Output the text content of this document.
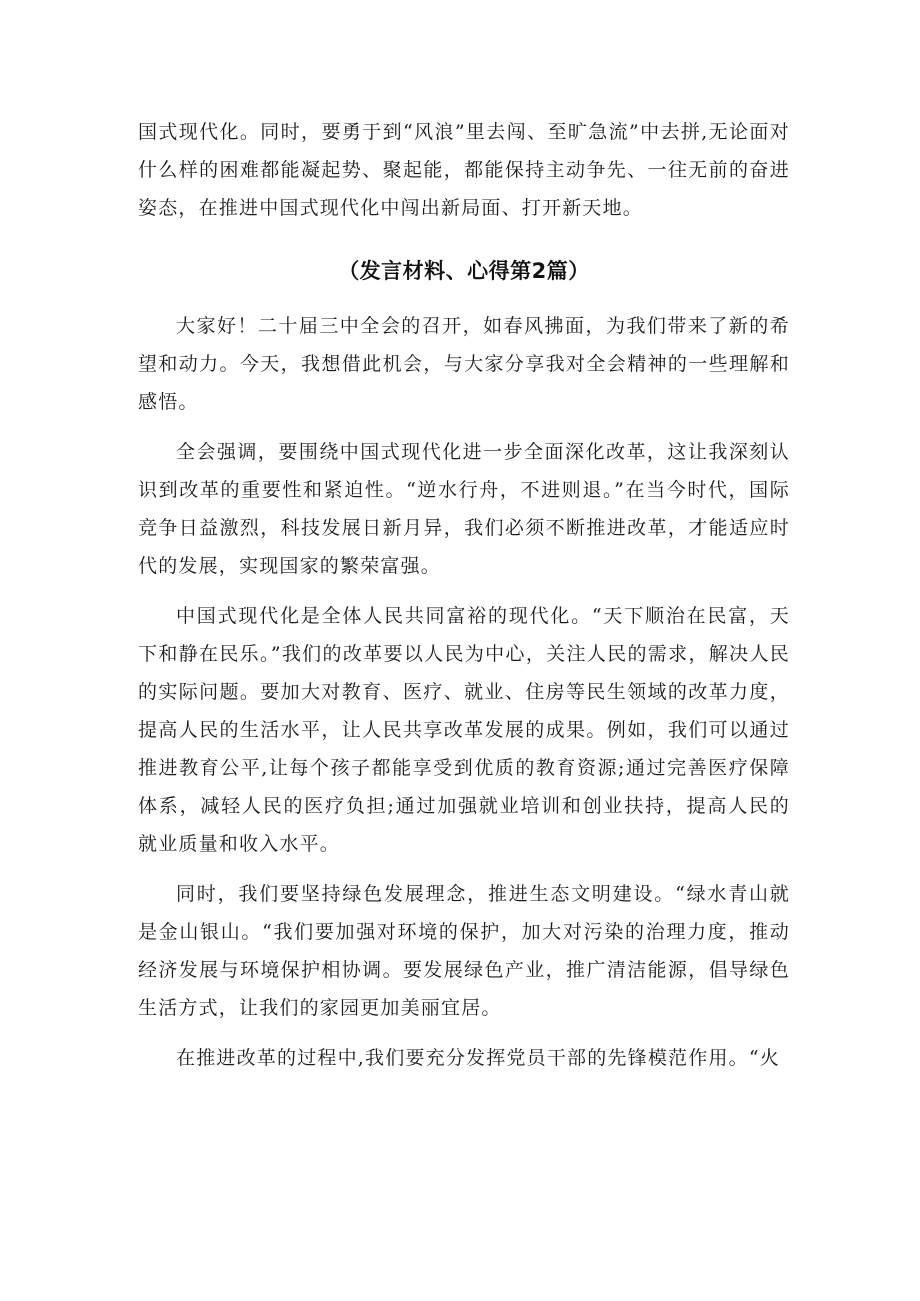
国式现代化。同时，要勇于到“风浪”里去闯、至旷急流”中去拼,无论面对什么样的困难都能凝起势、聚起能，都能保持主动争先、一往无前的奋进姿态，在推进中国式现代化中闯出新局面、打开新天地。

（发言材料、心得第2篇）

大家好！二十届三中全会的召开，如春风拂面，为我们带来了新的希望和动力。今天，我想借此机会，与大家分享我对全会精神的一些理解和感悟。

全会强调，要围绕中国式现代化进一步全面深化改革，这让我深刻认识到改革的重要性和紧迫性。“逆水行舟，不进则退。”在当今时代，国际竞争日益激烈，科技发展日新月异，我们必须不断推进改革，才能适应时代的发展，实现国家的繁荣富强。

中国式现代化是全体人民共同富裕的现代化。“天下顺治在民富，天下和静在民乐。”我们的改革要以人民为中心，关注人民的需求，解决人民的实际问题。要加大对教育、医疗、就业、住房等民生领域的改革力度，提高人民的生活水平，让人民共享改革发展的成果。例如，我们可以通过推进教育公平,让每个孩子都能享受到优质的教育资源;通过完善医疗保障体系，减轻人民的医疗负担;通过加强就业培训和创业扶持，提高人民的就业质量和收入水平。

同时，我们要坚持绿色发展理念，推进生态文明建设。“绿水青山就是金山银山。“我们要加强对环境的保护，加大对污染的治理力度，推动经济发展与环境保护相协调。要发展绿色产业，推广清洁能源，倡导绿色生活方式，让我们的家园更加美丽宜居。

在推进改革的过程中,我们要充分发挥党员干部的先锋模范作用。“火
